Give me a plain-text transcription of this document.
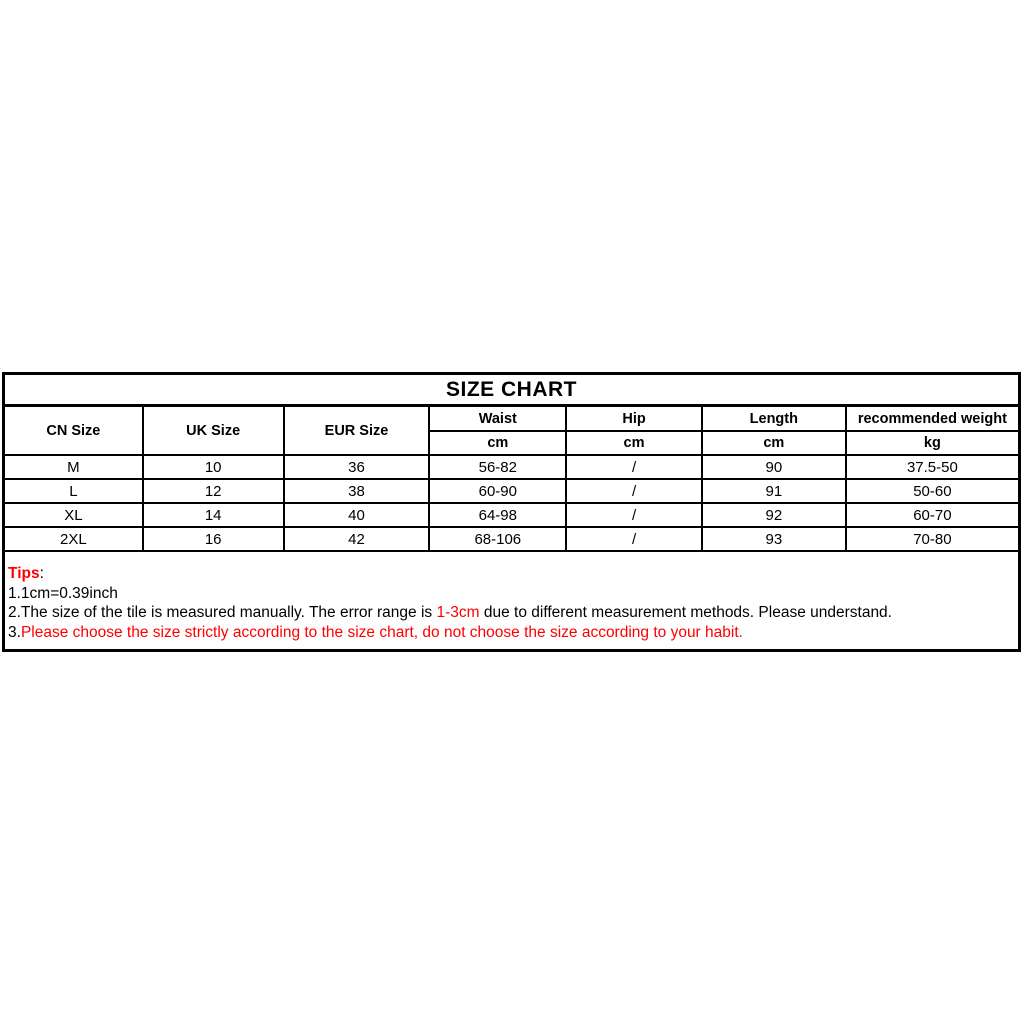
SIZE CHART
CN Size	UK Size	EUR Size	Waist	Hip	Length	recommended weight
			cm	cm	cm	kg
M	10	36	56-82	/	90	37.5-50
L	12	38	60-90	/	91	50-60
XL	14	40	64-98	/	92	60-70
2XL	16	42	68-106	/	93	70-80
Tips:
1.1cm=0.39inch
2.The size of the tile is measured manually. The error range is 1-3cm due to different measurement methods. Please understand.
3.Please choose the size strictly according to the size chart, do not choose the size according to your habit.
